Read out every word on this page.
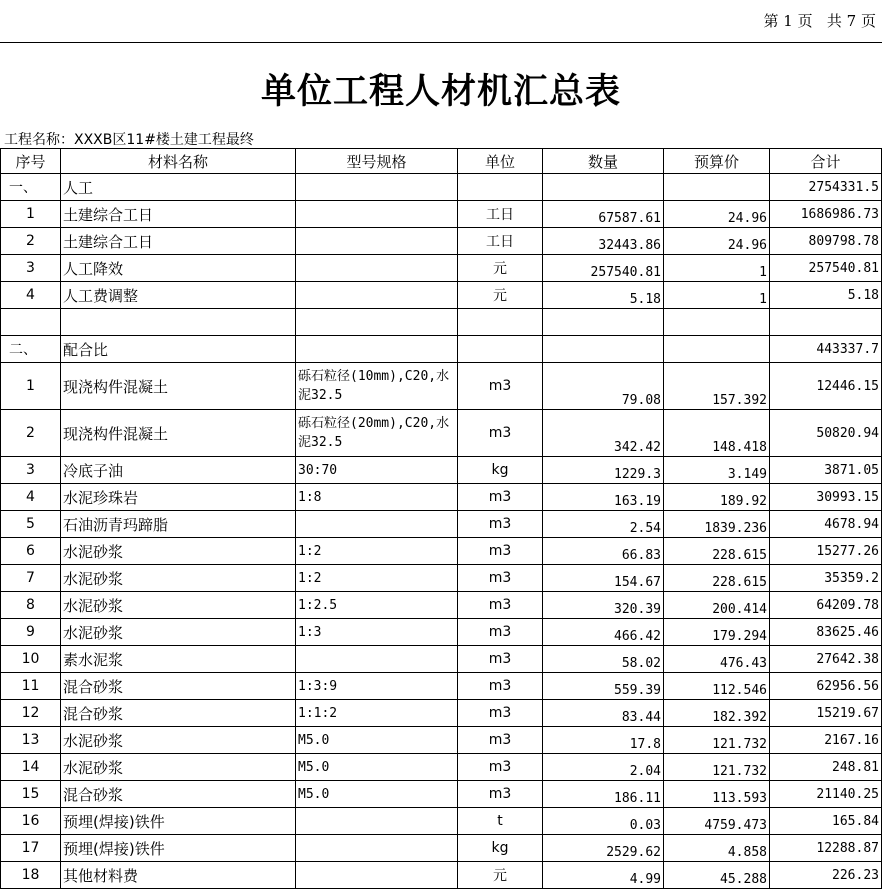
第 1 页   共 7 页
单位工程人材机汇总表
工程名称：XXXB区11#楼土建工程最终
序号	材料名称	型号规格	单位	数量	预算价	合计
一、	人工					2754331.5
1	土建综合工日		工日	67587.61	24.96	1686986.73
2	土建综合工日		工日	32443.86	24.96	809798.78
3	人工降效		元	257540.81	1	257540.81
4	人工费调整		元	5.18	1	5.18

二、	配合比					443337.7
1	现浇构件混凝土	砾石粒径(10mm),C20,水泥32.5	m3	79.08	157.392	12446.15
2	现浇构件混凝土	砾石粒径(20mm),C20,水泥32.5	m3	342.42	148.418	50820.94
3	冷底子油	30:70	kg	1229.3	3.149	3871.05
4	水泥珍珠岩	1:8	m3	163.19	189.92	30993.15
5	石油沥青玛蹄脂		m3	2.54	1839.236	4678.94
6	水泥砂浆	1:2	m3	66.83	228.615	15277.26
7	水泥砂浆	1:2	m3	154.67	228.615	35359.2
8	水泥砂浆	1:2.5	m3	320.39	200.414	64209.78
9	水泥砂浆	1:3	m3	466.42	179.294	83625.46
10	素水泥浆		m3	58.02	476.43	27642.38
11	混合砂浆	1:3:9	m3	559.39	112.546	62956.56
12	混合砂浆	1:1:2	m3	83.44	182.392	15219.67
13	水泥砂浆	M5.0	m3	17.8	121.732	2167.16
14	水泥砂浆	M5.0	m3	2.04	121.732	248.81
15	混合砂浆	M5.0	m3	186.11	113.593	21140.25
16	预埋(焊接)铁件		t	0.03	4759.473	165.84
17	预埋(焊接)铁件		kg	2529.62	4.858	12288.87
18	其他材料费		元	4.99	45.288	226.23
